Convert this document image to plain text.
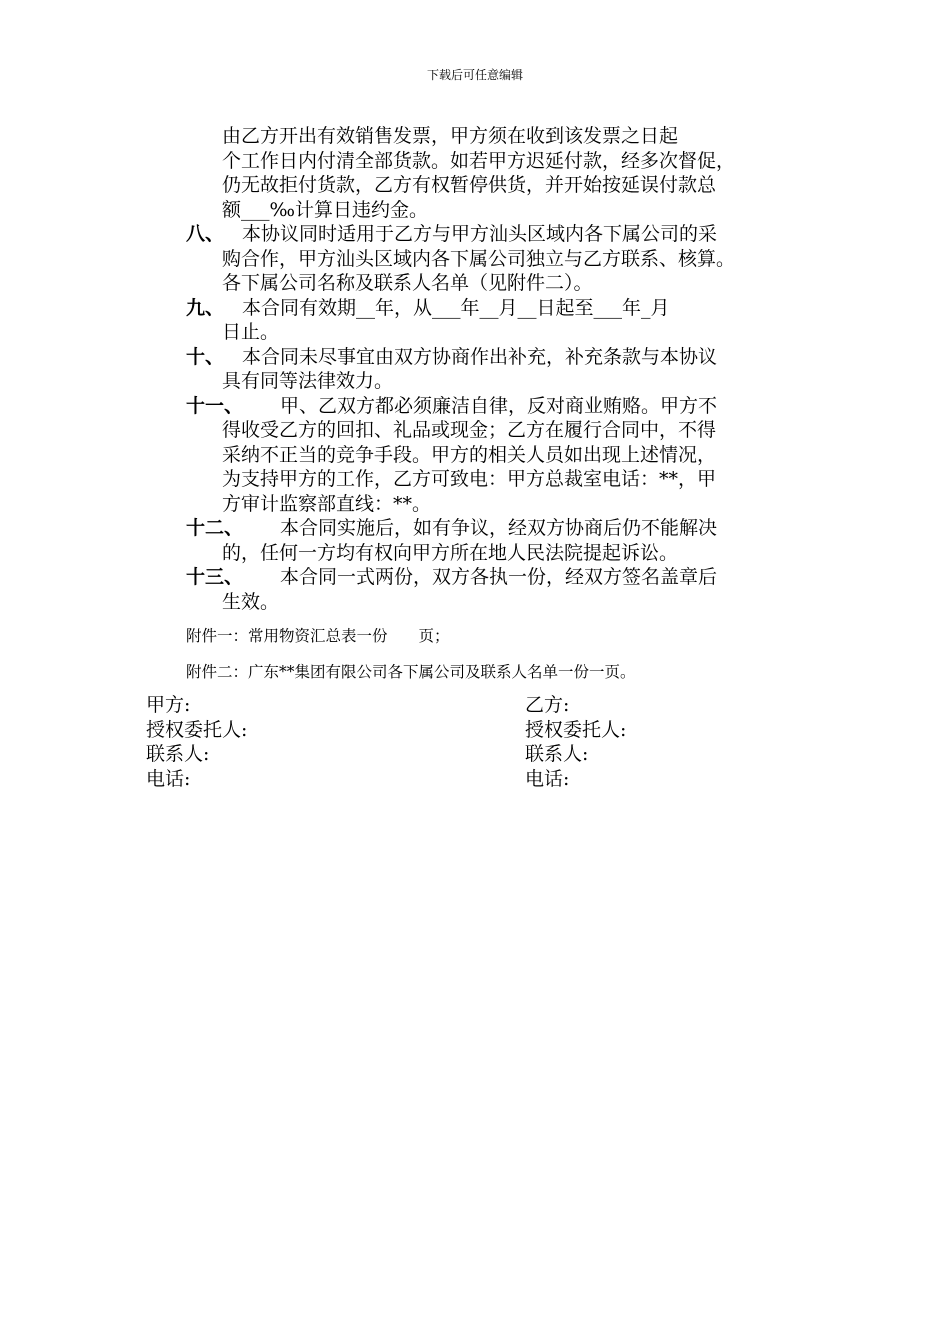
下载后可任意编辑
由乙方开出有效销售发票，甲方须在收到该发票之日起
个工作日内付清全部货款。如若甲方迟延付款，经多次督促，
仍无故拒付货款，乙方有权暂停供货，并开始按延误付款总
额___‰计算日违约金。
八、 本协议同时适用于乙方与甲方汕头区域内各下属公司的采
购合作，甲方汕头区域内各下属公司独立与乙方联系、核算。
各下属公司名称及联系人名单（见附件二）。
九、 本合同有效期__年，从___年__月__日起至___年_月
日止。
十、 本合同未尽事宜由双方协商作出补充，补充条款与本协议
具有同等法律效力。
十一、 甲、乙双方都必须廉洁自律，反对商业贿赂。甲方不
得收受乙方的回扣、礼品或现金；乙方在履行合同中，不得
采纳不正当的竞争手段。甲方的相关人员如出现上述情况，
为支持甲方的工作，乙方可致电：甲方总裁室电话：**，甲
方审计监察部直线：**。
十二、 本合同实施后，如有争议，经双方协商后仍不能解决
的，任何一方均有权向甲方所在地人民法院提起诉讼。
十三、 本合同一式两份，双方各执一份，经双方签名盖章后
生效。
附件一：常用物资汇总表一份　　页；
附件二：广东**集团有限公司各下属公司及联系人名单一份一页。
甲方:
授权委托人:
联系人:
电话:
乙方:
授权委托人:
联系人:
电话:
